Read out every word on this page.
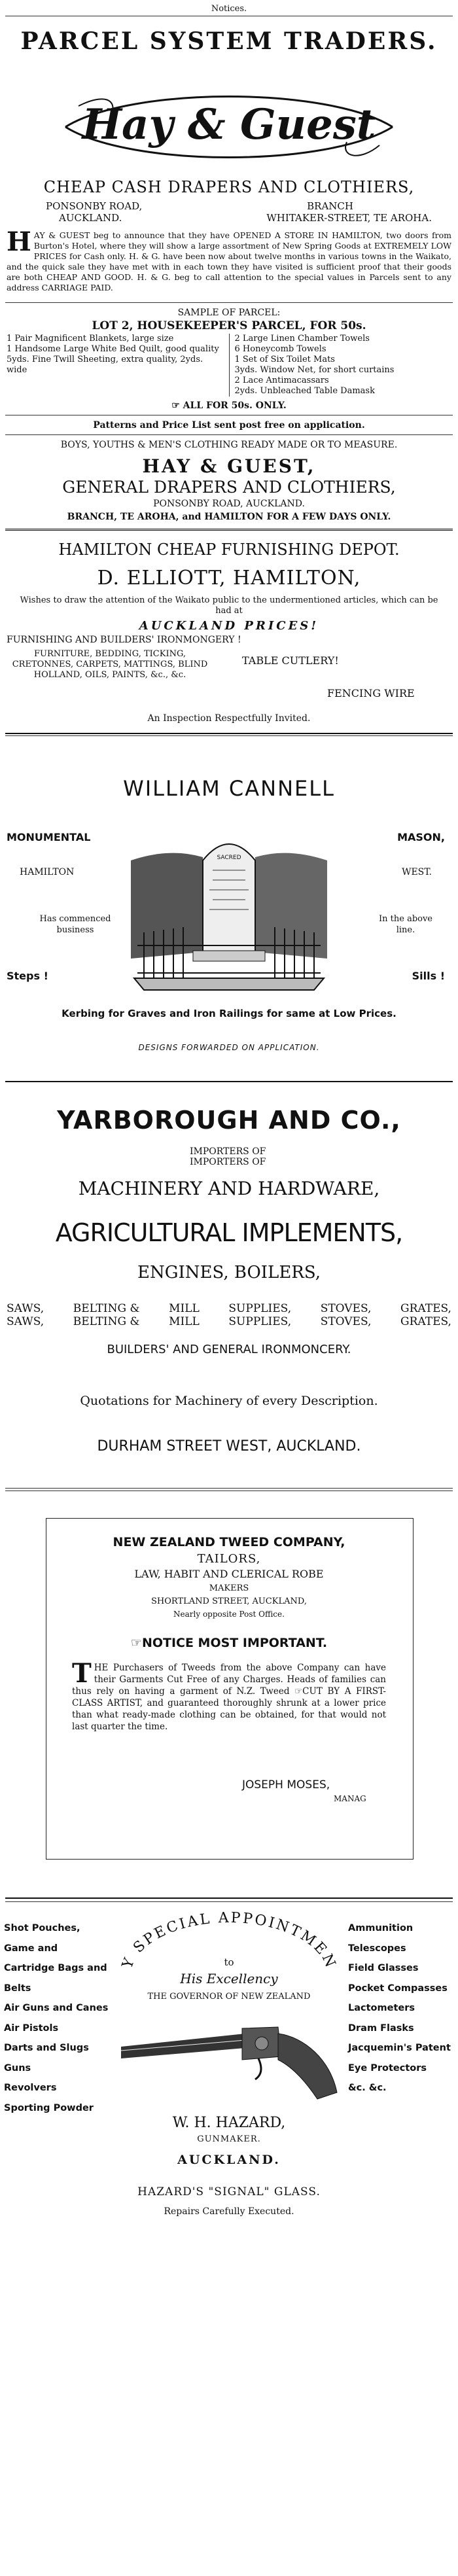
Notices.
PARCEL SYSTEM TRADERS.
Hay & Guest
CHEAP CASH DRAPERS AND CLOTHIERS,
PONSONBY ROAD,	BRANCH
AUCKLAND.	WHITAKER-STREET, TE AROHA.
HAY & GUEST beg to announce that they have OPENED A STORE IN HAMILTON, two doors from Burton's Hotel, where they will show a large assortment of New Spring Goods at EXTREMELY LOW PRICES for Cash only. H. & G. have been now about twelve months in various towns in the Waikato, and the quick sale they have met with in each town they have visited is sufficient proof that their goods are both CHEAP AND GOOD. H. & G. beg to call attention to the special values in Parcels sent to any address CARRIAGE PAID.
SAMPLE OF PARCEL:
LOT 2, HOUSEKEEPER'S PARCEL, FOR 50s.
1 Pair Magnificent Blankets, large size
1 Handsome Large White Bed Quilt, good quality
5yds. Fine Twill Sheeting, extra quality, 2yds. wide
2 Large Linen Chamber Towels
6 Honeycomb Towels
1 Set of Six Toilet Mats
3yds. Window Net, for short curtains
2 Lace Antimacassars
2yds. Unbleached Table Damask
☞ ALL FOR 50s. ONLY.
Patterns and Price List sent post free on application.
BOYS, YOUTHS & MEN'S CLOTHING READY MADE OR TO MEASURE.
HAY & GUEST,
GENERAL DRAPERS AND CLOTHIERS,
PONSONBY ROAD, AUCKLAND.
BRANCH, TE AROHA, and HAMILTON FOR A FEW DAYS ONLY.
HAMILTON CHEAP FURNISHING DEPOT.
D. ELLIOTT, HAMILTON,
Wishes to draw the attention of the Waikato public to the undermentioned articles, which can be had at
AUCKLAND PRICES!
FURNISHING AND BUILDERS' IRONMONGERY !
FURNITURE, BEDDING, TICKING, CRETONNES, CARPETS, MATTINGS, BLIND HOLLAND, OILS, PAINTS, &c., &c.
TABLE CUTLERY!
FENCING WIRE
An Inspection Respectfully Invited.
WILLIAM CANNELL
MONUMENTAL	MASON,
HAMILTON	WEST.
Has commenced business
In the above line.
Steps !	Sills !
SACRED
Kerbing for Graves and Iron Railings for same at Low Prices.
DESIGNS FORWARDED ON APPLICATION.
YARBOROUGH AND CO.,
IMPORTERS OF
IMPORTERS OF
MACHINERY AND HARDWARE,
AGRICULTURAL IMPLEMENTS,
ENGINES, BOILERS,
SAWS,	BELTING &	MILL	SUPPLIES,	STOVES,	GRATES,
SAWS,	BELTING &	MILL	SUPPLIES,	STOVES,	GRATES,
BUILDERS' AND GENERAL IRONMONCERY.
Quotations for Machinery of every Description.
DURHAM STREET WEST, AUCKLAND.
NEW ZEALAND TWEED COMPANY,
TAILORS,
LAW, HABIT AND CLERICAL ROBE
MAKERS
SHORTLAND STREET, AUCKLAND,
Nearly opposite Post Office.
☞NOTICE MOST IMPORTANT.
THE Purchasers of Tweeds from the above Company can have their Garments Cut Free of any Charges. Heads of families can thus rely on having a garment of N.Z. Tweed ☞CUT BY A FIRST-CLASS ARTIST, and guaranteed thoroughly shrunk at a lower price than what ready-made clothing can be obtained, for that would not last quarter the time.
JOSEPH MOSES,
MANAG
Shot Pouches,
Game and Cartridge Bags and Belts
Air Guns and Canes
Air Pistols
Darts and Slugs
Guns
Revolvers
Sporting Powder
Ammunition
Telescopes
Field Glasses
Pocket Compasses
Lactometers
Dram Flasks
Jacquemin's Patent Eye Protectors
&c. &c.
Y SPECIAL APPOINTMEN
to
His Excellency
THE GOVERNOR OF NEW ZEALAND
W. H. HAZARD,
GUNMAKER.
AUCKLAND.
HAZARD'S "SIGNAL" GLASS.
Repairs Carefully Executed.
